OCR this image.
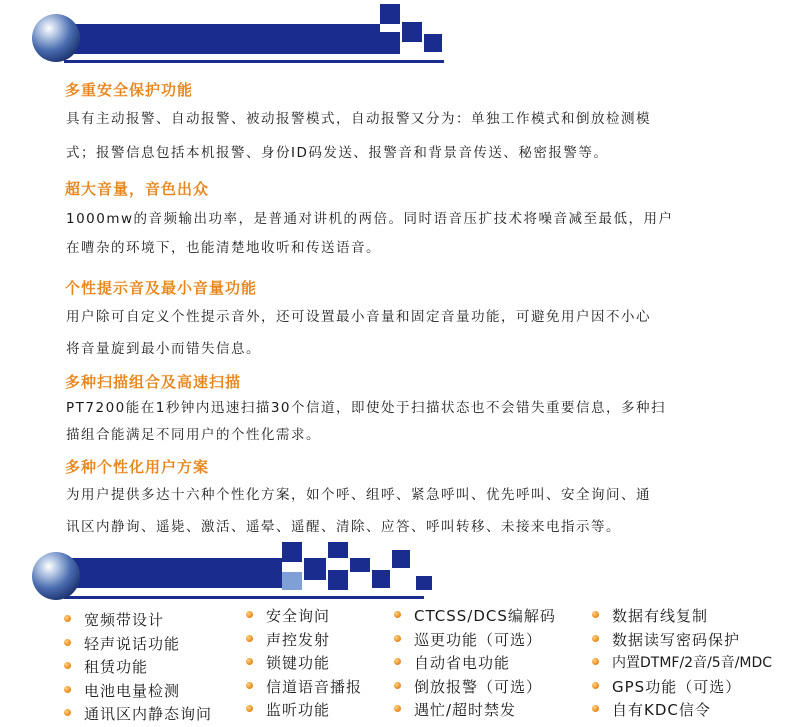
多重安全保护功能
具有主动报警、自动报警、被动报警模式，自动报警又分为：单独工作模式和倒放检测模
式；报警信息包括本机报警、身份ID码发送、报警音和背景音传送、秘密报警等。
超大音量，音色出众
1000mw的音频输出功率，是普通对讲机的两倍。同时语音压扩技术将噪音减至最低，用户
在嘈杂的环境下，也能清楚地收听和传送语音。
个性提示音及最小音量功能
用户除可自定义个性提示音外，还可设置最小音量和固定音量功能，可避免用户因不小心
将音量旋到最小而错失信息。
多种扫描组合及高速扫描
PT7200能在1秒钟内迅速扫描30个信道，即使处于扫描状态也不会错失重要信息，多种扫
描组合能满足不同用户的个性化需求。
多种个性化用户方案
为用户提供多达十六种个性化方案，如个呼、组呼、紧急呼叫、优先呼叫、安全询问、通
讯区内静询、遥毙、激活、遥晕、遥醒、清除、应答、呼叫转移、未接来电指示等。
宽频带设计
轻声说话功能
租赁功能
电池电量检测
通讯区内静态询问
安全询问
声控发射
锁键功能
信道语音播报
监听功能
CTCSS/DCS编解码
巡更功能（可选）
自动省电功能
倒放报警（可选）
遇忙/超时禁发
数据有线复制
数据读写密码保护
内置DTMF/2音/5音/MDC
GPS功能（可选）
自有KDC信令
